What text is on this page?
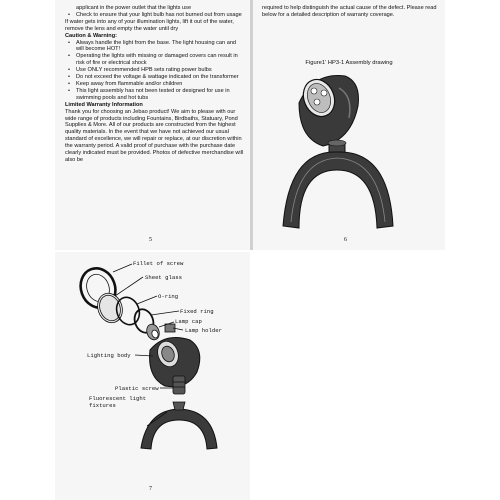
applicant in the power outlet that the lights use
• Check to ensure that your light bulb has not burned out from usage
If water gets into any of your illumination lights, lift it out of the water, remove the lens and empty the water until dry
Caution & Warning:
• Always handle the light from the base. The light housing can and will become HOT!
• Operating the lights with missing or damaged covers can result in risk of fire or electrical shock
• Use ONLY recommended HPB sets rating power bulbs
• Do not exceed the voltage & wattage indicated on the transformer
• Keep away from flammable and/or children
• This light assembly has not been tested or designed for use in swimming pools and hot tubs
Limited Warranty Information
Thank you for choosing an Jebao product! We aim to please with our wide range of products including Fountains, Birdbaths, Statuary, Pond Supplies & More. All of our products are constructed from the highest quality materials. In the event that we have not achieved our usual standard of excellence, we will repair or replace, at our discretion within the warranty period. A valid proof of purchase with the purchase date clearly indicated must be provided. Photos of defective merchandise will also be
5
required to help distinguish the actual cause of the defect. Please read below for a detailed description of warranty coverage.
Figure1' HP3-1 Assembly drawing
6
Fillet of screw
Sheet glass
O-ring
Fixed ring
Lamp cap
Lamp holder
Lighting body
Plastic screw
Fluorescent light fixtures
7
